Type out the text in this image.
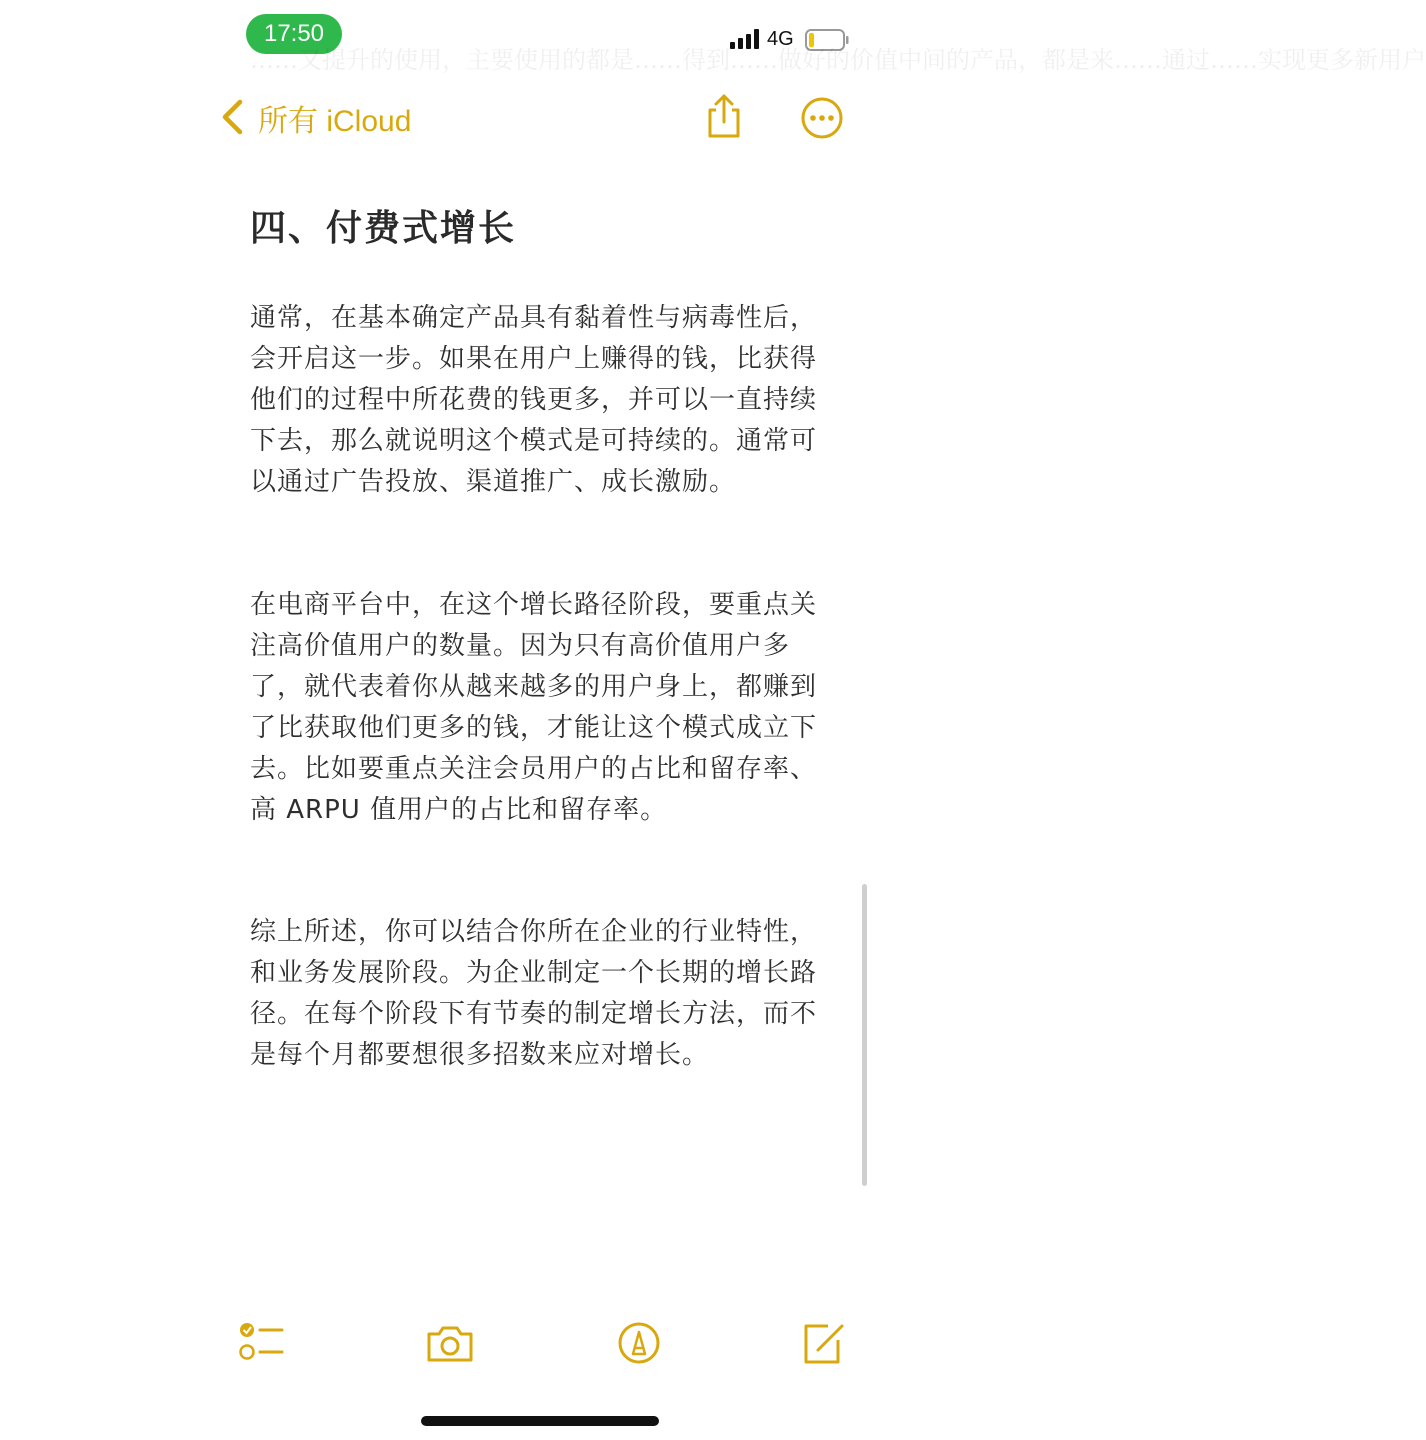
17:50	4G
……又提升的使用，主要使用的都是……得到……做好的价值中间的产品，都是来……通过……实现更多新用户
所有 iCloud
四、付费式增长
通常，在基本确定产品具有黏着性与病毒性后，会开启这一步。如果在用户上赚得的钱，比获得他们的过程中所花费的钱更多，并可以一直持续下去，那么就说明这个模式是可持续的。通常可以通过广告投放、渠道推广、成长激励。
在电商平台中，在这个增长路径阶段，要重点关注高价值用户的数量。因为只有高价值用户多了，就代表着你从越来越多的用户身上，都赚到了比获取他们更多的钱，才能让这个模式成立下去。比如要重点关注会员用户的占比和留存率、高 ARPU 值用户的占比和留存率。
综上所述，你可以结合你所在企业的行业特性，和业务发展阶段。为企业制定一个长期的增长路径。在每个阶段下有节奏的制定增长方法，而不是每个月都要想很多招数来应对增长。
